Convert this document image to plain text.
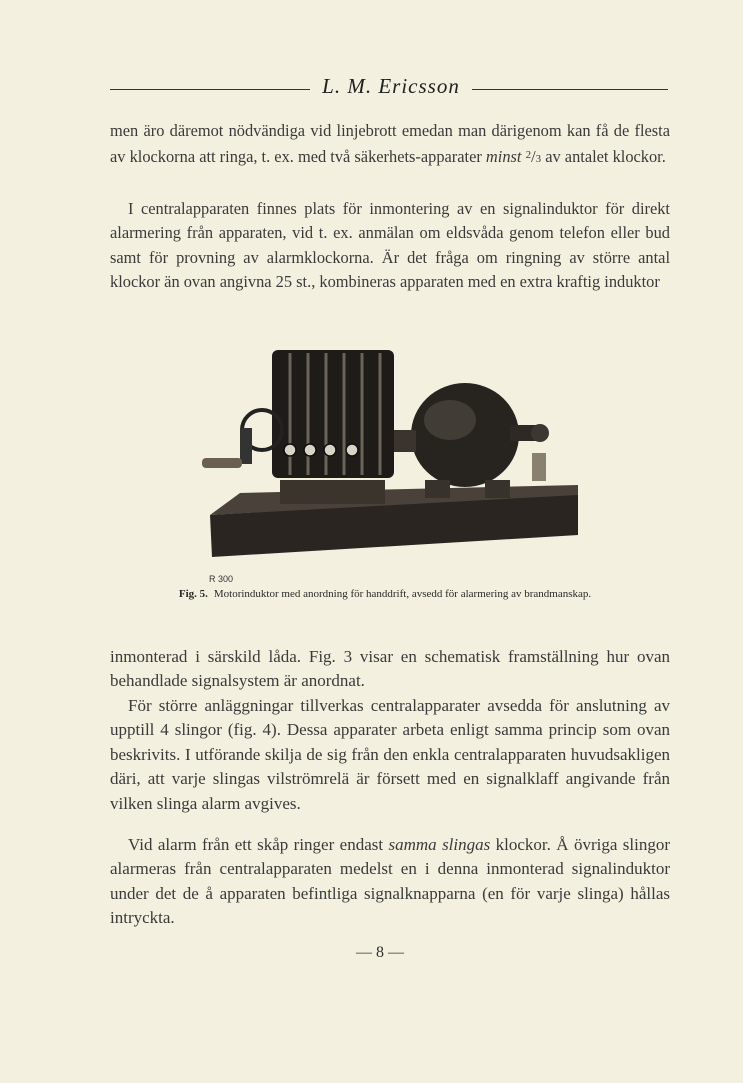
L. M. Ericsson

men äro däremot nödvändiga vid linjebrott emedan man därigenom kan få de flesta av klockorna att ringa, t. ex. med två säkerhets-apparater minst $^2$/3 av antalet klockor.

I centralapparaten finnes plats för inmontering av en signalinduktor för direkt alarmering från apparaten, vid t. ex. anmälan om eldsvåda genom telefon eller bud samt för provning av alarmklockorna. Är det fråga om ringning av större antal klockor än ovan angivna 25 st., kombineras apparaten med en extra kraftig induktor

R 300
Fig. 5. Motorinduktor med anordning för handdrift, avsedd för alarmering av brandmanskap.

inmonterad i särskild låda. Fig. 3 visar en schematisk framställning hur ovan behandlade signalsystem är anordnat.

För större anläggningar tillverkas centralapparater avsedda för anslutning av upptill 4 slingor (fig. 4). Dessa apparater arbeta enligt samma princip som ovan beskrivits. I utförande skilja de sig från den enkla centralapparaten huvudsakligen däri, att varje slingas vilströmrelä är försett med en signalklaff angivande från vilken slinga alarm avgives.

Vid alarm från ett skåp ringer endast samma slingas klockor. Å övriga slingor alarmeras från centralapparaten medelst en i denna inmonterad signalinduktor under det de å apparaten befintliga signalknapparna (en för varje slinga) hållas intryckta.

— 8 —
